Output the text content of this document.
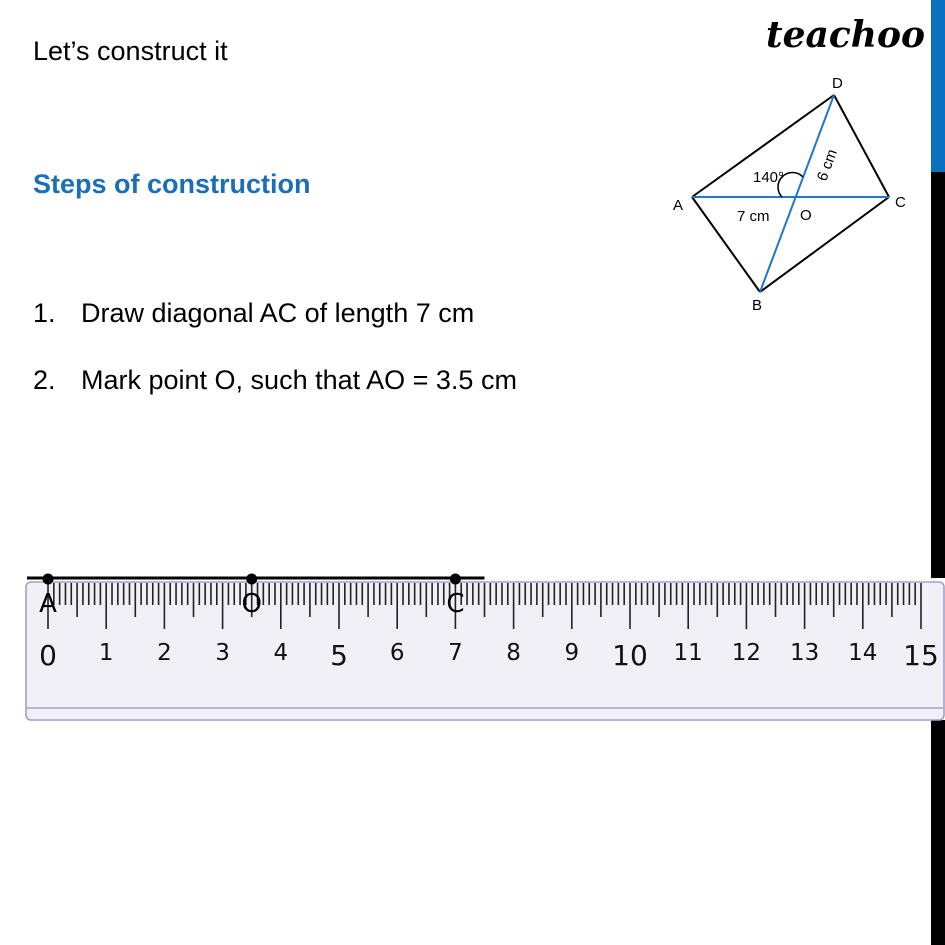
Let’s construct it	teachoo
Steps of construction
1. Draw diagonal AC of length 7 cm
2. Mark point O, such that AO = 3.5 cm
A	C
D
B
O
140°
7 cm
6 cm
0 1 2 3 4 5 6 7 8 9 10 11 12 13 14 15
A	O	C
